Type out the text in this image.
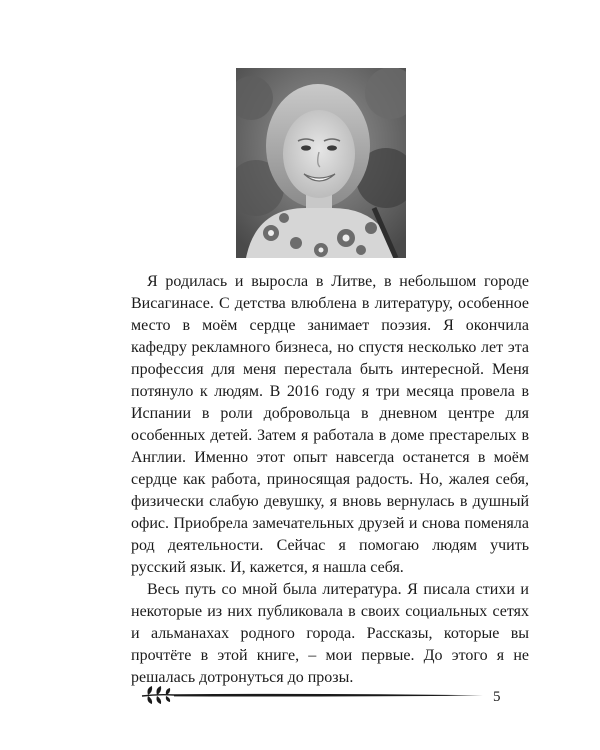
Я родилась и выросла в Литве, в небольшом городе Висагинасе. С детства влюблена в литературу, особенное место в моём сердце занимает поэзия. Я окончила кафедру рекламного бизнеса, но спустя несколько лет эта профессия для меня перестала быть интересной. Меня потянуло к людям. В 2016 году я три месяца провела в Испании в роли добровольца в дневном центре для особенных детей. Затем я работала в доме престарелых в Англии. Именно этот опыт навсегда останется в моём сердце как работа, приносящая радость. Но, жалея себя, физически слабую девушку, я вновь вернулась в душный офис. Приобрела замечательных друзей и снова поменяла род деятельности. Сейчас я помогаю людям учить русский язык. И, кажется, я нашла себя.

Весь путь со мной была литература. Я писала стихи и некоторые из них публиковала в своих социальных сетях и альманахах родного города. Рассказы, которые вы прочтёте в этой книге, – мои первые. До этого я не решалась дотронуться до прозы.

5
